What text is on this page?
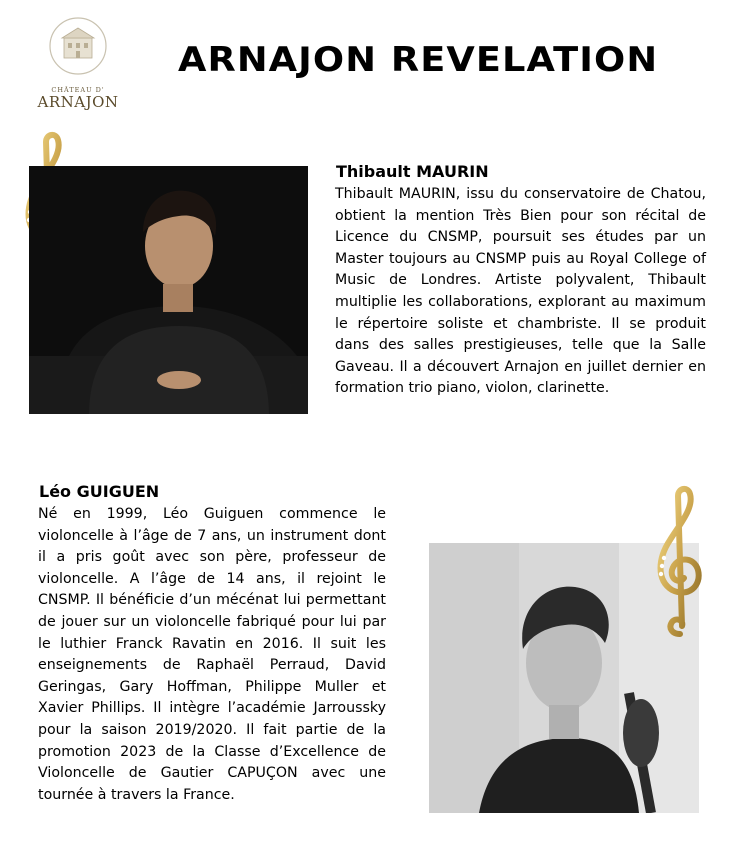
CHÂTEAU D'
ARNAJON
ARNAJON REVELATION
Thibault MAURIN

Thibault MAURIN, issu du conservatoire de Chatou, obtient la mention Très Bien pour son récital de Licence du CNSMP, poursuit ses études par un Master toujours au CNSMP puis au Royal College of Music de Londres. Artiste polyvalent, Thibault multiplie les collaborations, explorant au maximum le répertoire soliste et chambriste. Il se produit dans des salles prestigieuses, telle que la Salle Gaveau. Il a découvert Arnajon en juillet dernier en formation trio piano, violon, clarinette.

Léo GUIGUEN

Né en 1999, Léo Guiguen commence le violoncelle à l’âge de 7 ans, un instrument dont il a pris goût avec son père, professeur de violoncelle. A l’âge de 14 ans, il rejoint le CNSMP. Il bénéficie d’un mécénat lui permettant de jouer sur un violoncelle fabriqué pour lui par le luthier Franck Ravatin en 2016. Il suit les enseignements de Raphaël Perraud, David Geringas, Gary Hoffman, Philippe Muller et Xavier Phillips. Il intègre l’académie Jarroussky pour la saison 2019/2020. Il fait partie de la promotion 2023 de la Classe d’Excellence de Violoncelle de Gautier CAPUÇON avec une tournée à travers la France.
